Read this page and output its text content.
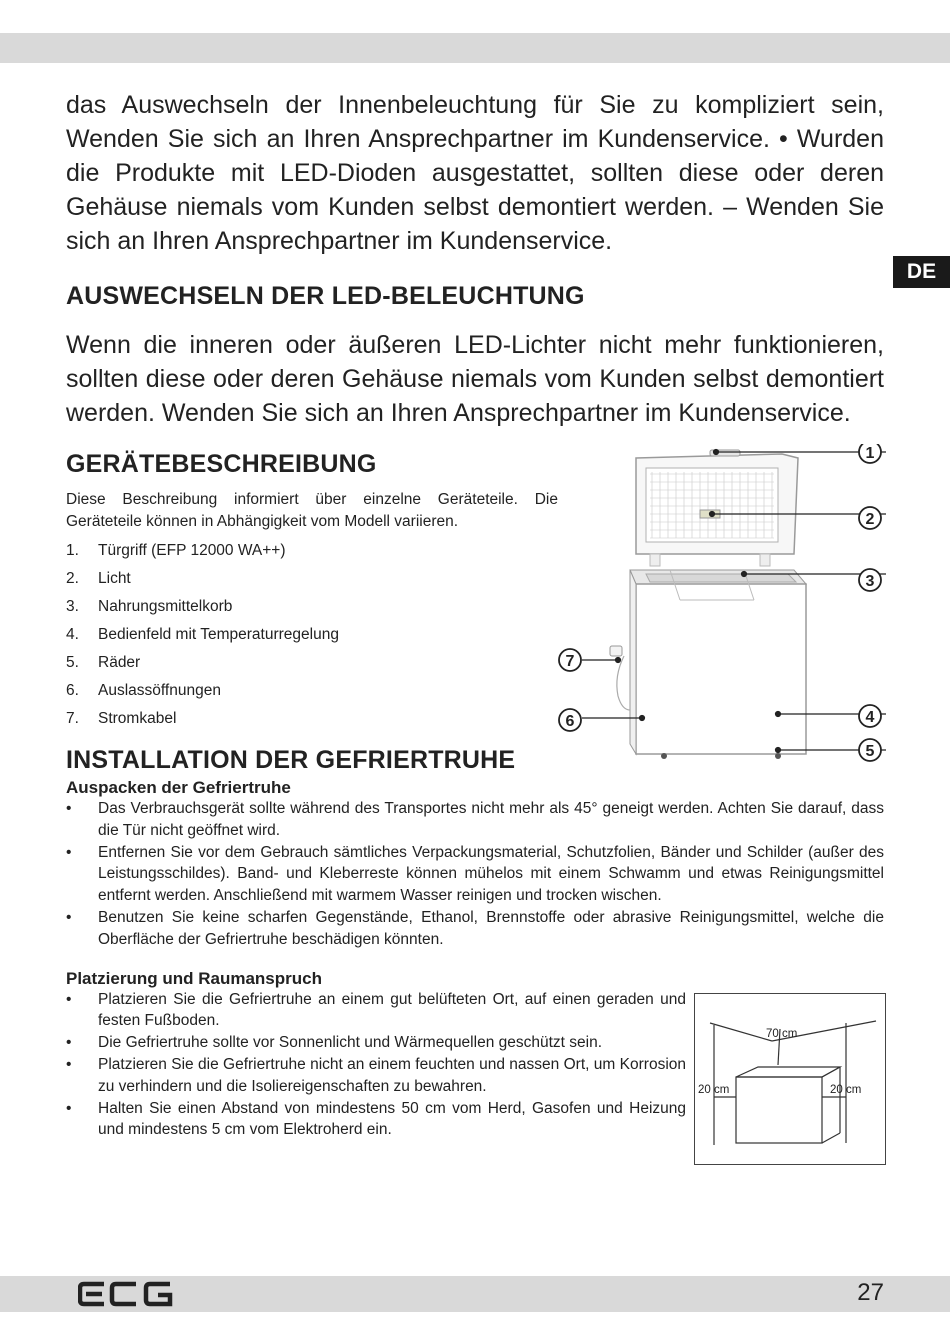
DE

das Auswechseln der Innenbeleuchtung für Sie zu kompliziert sein, Wenden Sie sich an Ihren Ansprechpartner im Kundenservice. • Wurden die Produkte mit LED-Dioden ausgestattet, sollten diese oder deren Gehäuse niemals vom Kunden selbst demontiert werden. – Wenden Sie sich an Ihren Ansprechpartner im Kundenservice.

AUSWECHSELN DER LED-BELEUCHTUNG

Wenn die inneren oder äußeren LED-Lichter nicht mehr funktionieren, sollten diese oder deren Gehäuse niemals vom Kunden selbst demontiert werden. Wenden Sie sich an Ihren Ansprechpartner im Kundenservice.

GERÄTEBESCHREIBUNG

Diese Beschreibung informiert über einzelne Geräteteile. Die Geräteteile können in Abhängigkeit vom Modell variieren.

1. Türgriff (EFP 12000 WA++)
2. Licht
3. Nahrungsmittelkorb
4. Bedienfeld mit Temperaturregelung
5. Räder
6. Auslassöffnungen
7. Stromkabel
INSTALLATION DER GEFRIERTRUHE
1
2
3
4
5
7
6
Auspacken der Gefriertruhe
• Das Verbrauchsgerät sollte während des Transportes nicht mehr als 45° geneigt werden. Achten Sie darauf, dass die Tür nicht geöffnet wird.
• Entfernen Sie vor dem Gebrauch sämtliches Verpackungsmaterial, Schutzfolien, Bänder und Schilder (außer des Leistungsschildes). Band- und Kleberreste können mühelos mit einem Schwamm und etwas Reinigungsmittel entfernt werden. Anschließend mit warmem Wasser reinigen und trocken wischen.
• Benutzen Sie keine scharfen Gegenstände, Ethanol, Brennstoffe oder abrasive Reinigungsmittel, welche die Oberfläche der Gefriertruhe beschädigen könnten.
Platzierung und Raumanspruch
• Platzieren Sie die Gefriertruhe an einem gut belüfteten Ort, auf einen geraden und festen Fußboden.
• Die Gefriertruhe sollte vor Sonnenlicht und Wärmequellen geschützt sein.
• Platzieren Sie die Gefriertruhe nicht an einem feuchten und nassen Ort, um Korrosion zu verhindern und die Isoliereigenschaften zu bewahren.
• Halten Sie einen Abstand von mindestens 50 cm vom Herd, Gasofen und Heizung und mindestens 5 cm vom Elektroherd ein.
70 cm
20 cm	20 cm
27
